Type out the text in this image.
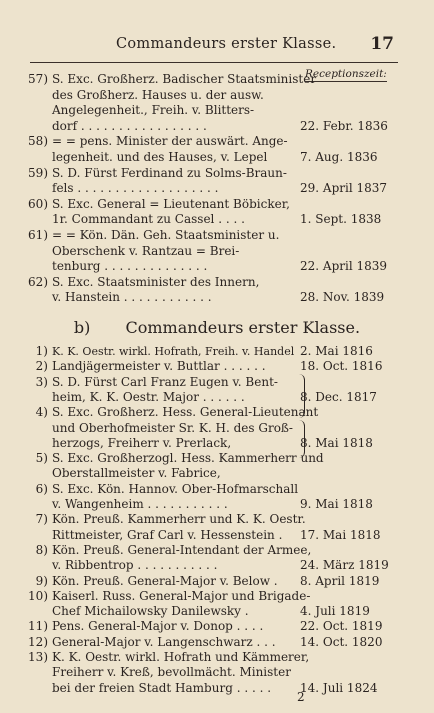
Commandeurs erster Klasse. 17
Receptionszeit:
57) S. Exc. Großherz. Badischer Staatsminister
des Großherz. Hauses u. der ausw.
Angelegenheit., Freih. v. Blitters-
dorf . . . . . . . . . . . . . . . . .	22. Febr. 1836
58) = = pens. Minister der auswärt. Ange-
legenheit. und des Hauses, v. Lepel	7. Aug. 1836
59) S. D. Fürst Ferdinand zu Solms-Braun-
fels . . . . . . . . . . . . . . . . . . .	29. April 1837
60) S. Exc. General = Lieutenant Böbicker,
1r. Commandant zu Cassel . . . .	1. Sept. 1838
61) = = Kön. Dän. Geh. Staatsminister u.
Oberschenk v. Rantzau = Brei-
tenburg . . . . . . . . . . . . . .	22. April 1839
62) S. Exc. Staatsminister des Innern,
v. Hanstein . . . . . . . . . . . .	28. Nov. 1839
b) Commandeurs erster Klasse.
1) K. K. Oestr. wirkl. Hofrath, Freih. v. Handel 2. Mai 1816
2) Landjägermeister v. Buttlar . . . . . .	18. Oct. 1816
3) S. D. Fürst Carl Franz Eugen v. Bent-
heim, K. K. Oestr. Major . . . . . .	8. Dec. 1817
4) S. Exc. Großherz. Hess. General-Lieutenant
und Oberhofmeister Sr. K. H. des Groß-
herzogs, Freiherr v. Prerlack,	8. Mai 1818
5) S. Exc. Großherzogl. Hess. Kammerherr und
Oberstallmeister v. Fabrice,
6) S. Exc. Kön. Hannov. Ober-Hofmarschall
v. Wangenheim . . . . . . . . . . .	9. Mai 1818
7) Kön. Preuß. Kammerherr und K. K. Oestr.
Rittmeister, Graf Carl v. Hessenstein . 17. Mai 1818
8) Kön. Preuß. General-Intendant der Armee,
v. Ribbentrop . . . . . . . . . . .	24. März 1819
9) Kön. Preuß. General-Major v. Below . 8. April 1819
10) Kaiserl. Russ. General-Major und Brigade-
Chef Michailowsky Danilewsky .	4. Juli 1819
11) Pens. General-Major v. Donop . . . .	22. Oct. 1819
12) General-Major v. Langenschwarz . . . 14. Oct. 1820
13) K. K. Oestr. wirkl. Hofrath und Kämmerer,
Freiherr v. Kreß, bevollmächt. Minister
bei der freien Stadt Hamburg . . . . . 14. Juli 1824
2
